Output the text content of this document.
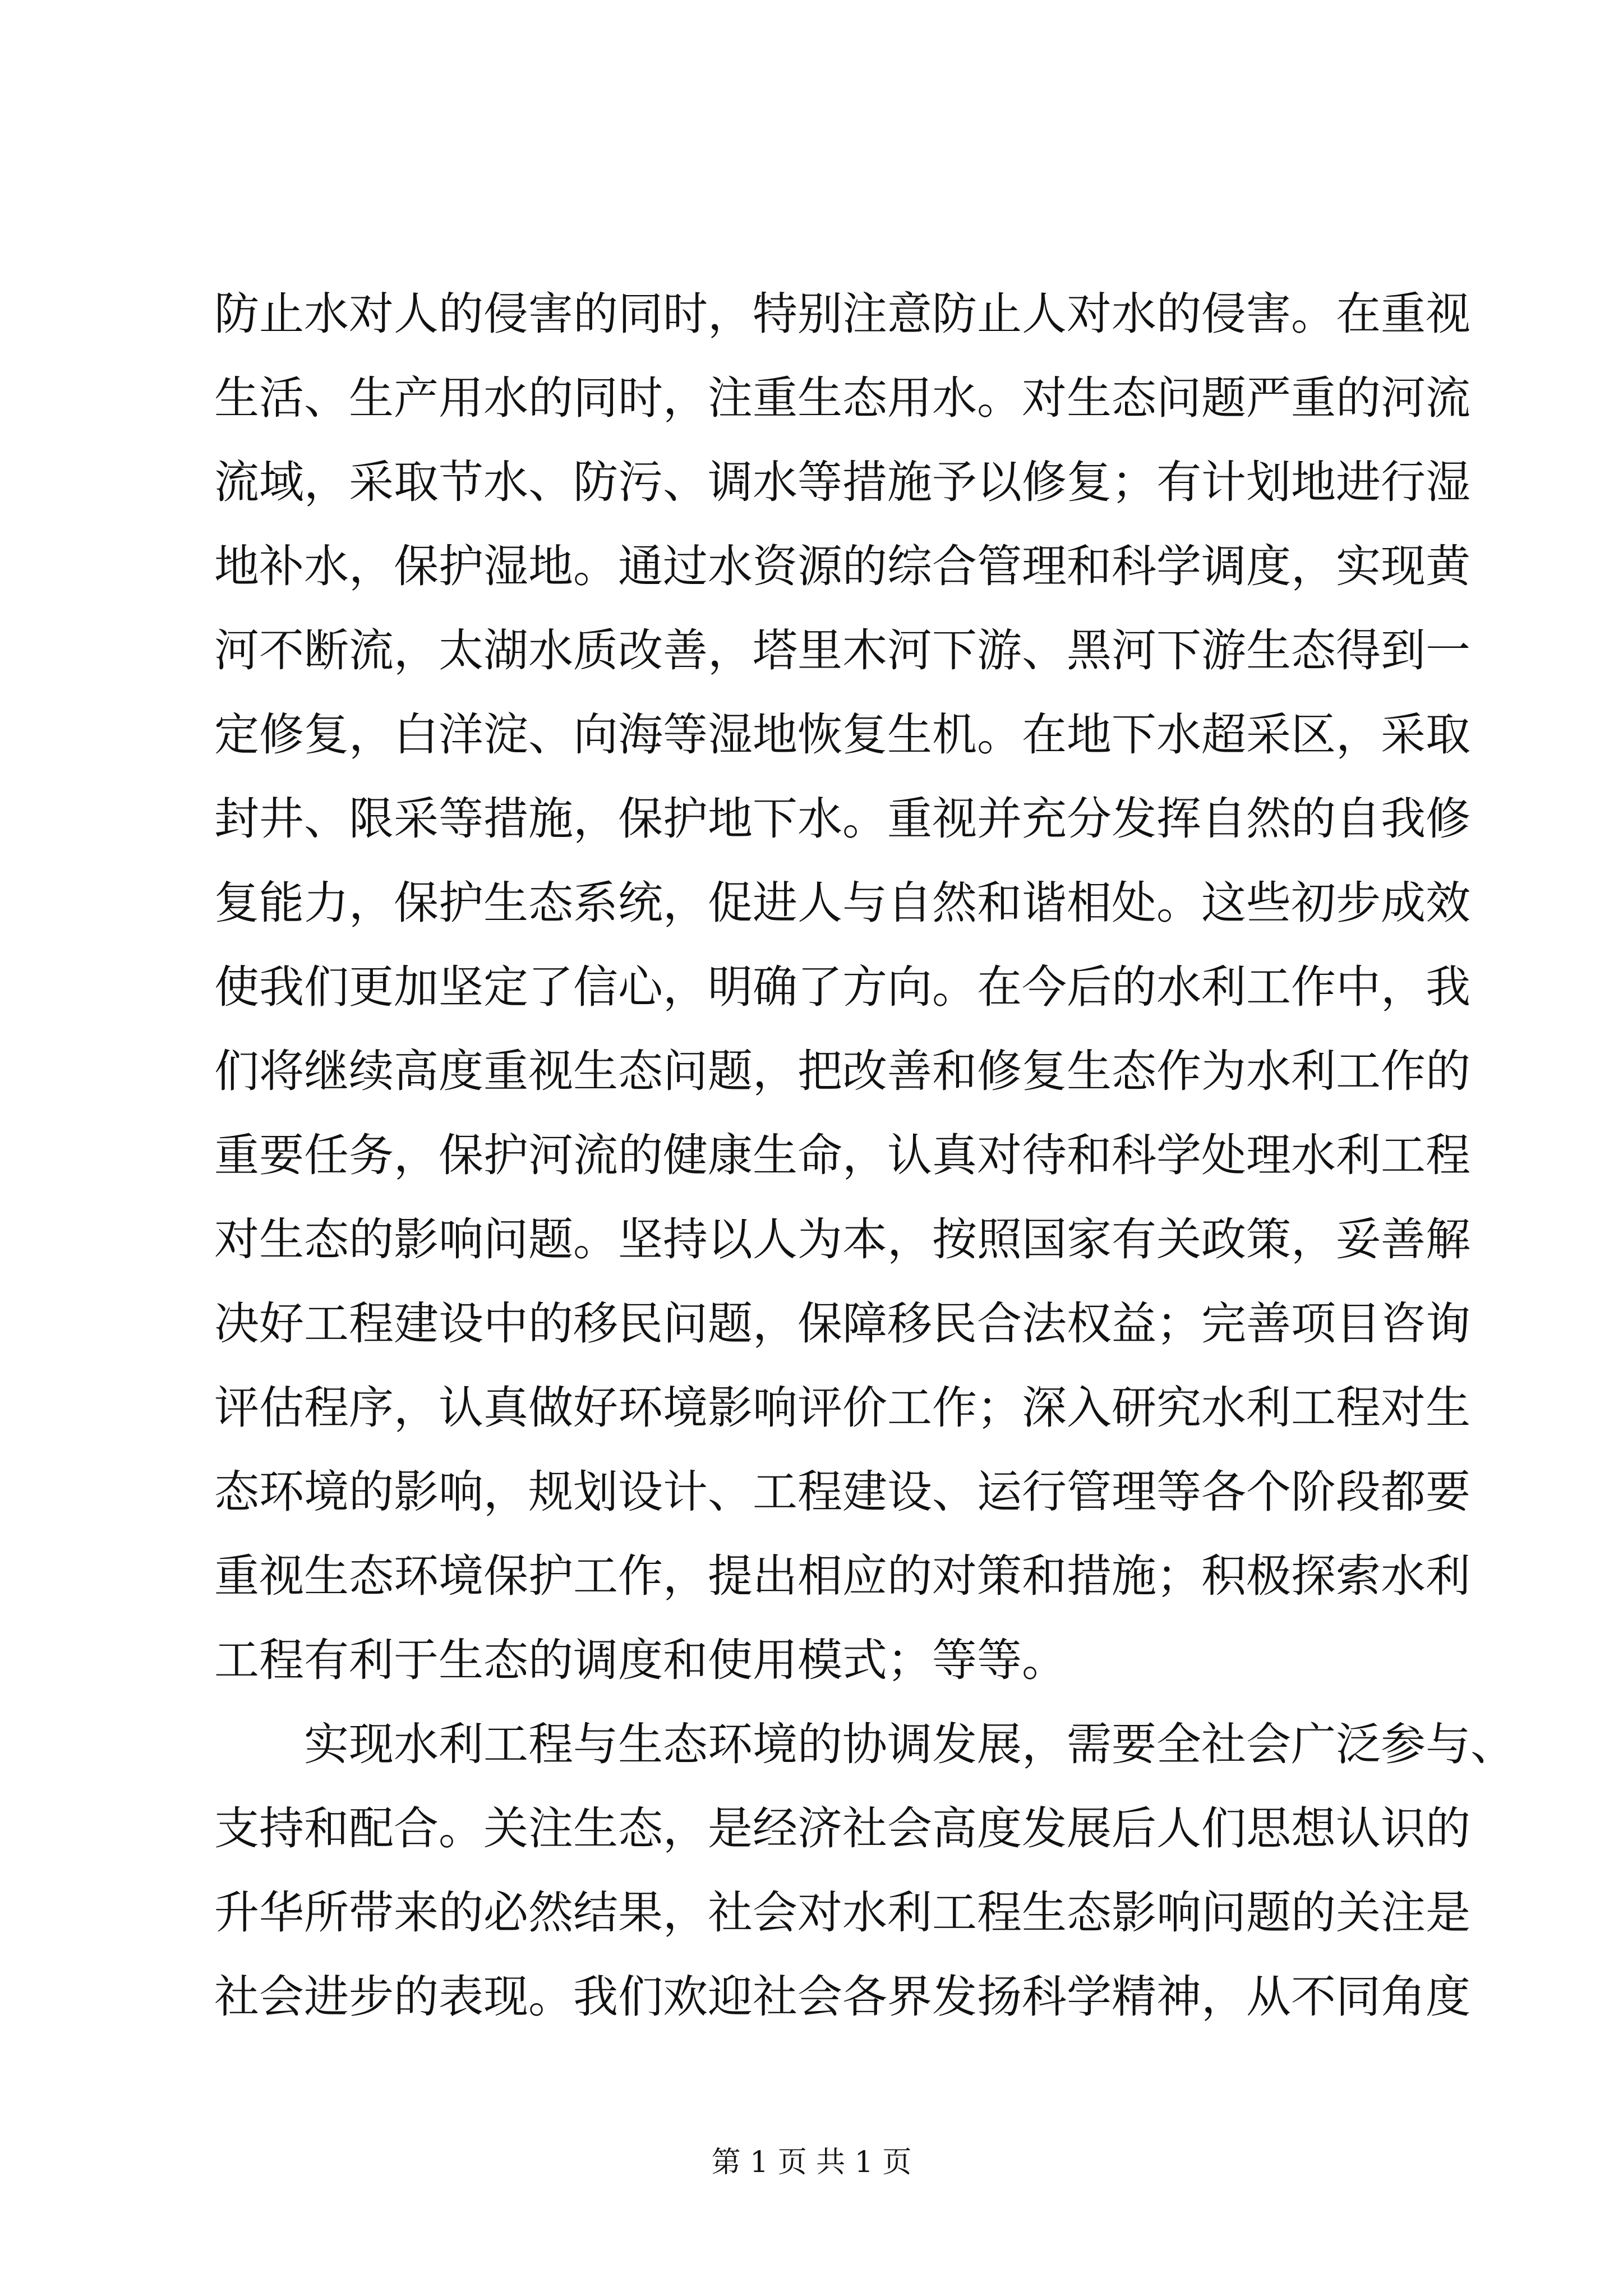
防止水对人的侵害的同时，特别注意防止人对水的侵害。在重视
生活、生产用水的同时，注重生态用水。对生态问题严重的河流
流域，采取节水、防污、调水等措施予以修复；有计划地进行湿
地补水，保护湿地。通过水资源的综合管理和科学调度，实现黄
河不断流，太湖水质改善，塔里木河下游、黑河下游生态得到一
定修复，白洋淀、向海等湿地恢复生机。在地下水超采区，采取
封井、限采等措施，保护地下水。重视并充分发挥自然的自我修
复能力，保护生态系统，促进人与自然和谐相处。这些初步成效
使我们更加坚定了信心，明确了方向。在今后的水利工作中，我
们将继续高度重视生态问题，把改善和修复生态作为水利工作的
重要任务，保护河流的健康生命，认真对待和科学处理水利工程
对生态的影响问题。坚持以人为本，按照国家有关政策，妥善解
决好工程建设中的移民问题，保障移民合法权益；完善项目咨询
评估程序，认真做好环境影响评价工作；深入研究水利工程对生
态环境的影响，规划设计、工程建设、运行管理等各个阶段都要
重视生态环境保护工作，提出相应的对策和措施；积极探索水利
工程有利于生态的调度和使用模式；等等。
实现水利工程与生态环境的协调发展，需要全社会广泛参与、
支持和配合。关注生态，是经济社会高度发展后人们思想认识的
升华所带来的必然结果，社会对水利工程生态影响问题的关注是
社会进步的表现。我们欢迎社会各界发扬科学精神，从不同角度
第 1 页 共 1 页
